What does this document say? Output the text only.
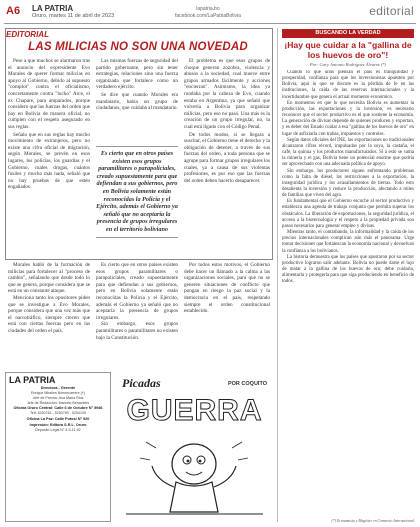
A6 LA PATRIA
Oruro, martes 11 de abril de 2023
lapatria.bo
facebook.com/LaPatriaBolivia	editorial
EDITORIAL
LAS MILICIAS NO SON UNA NOVEDAD

Pese a que muchos se alarmaron tras el anuncio del expresidente Evo Morales de querer formar milicias en apoyo al Gobierno, debido al supuesto "complot" contra el oficialismo, concretamente contra "lucho" Arce, el ex Chapare, para amparados, porque considero que las fuerzas del orden que hay en Bolivia de manera oficial, no cumplen con el respeto asegurado en sus reglas.

Señalo que en sus reglas hay mucho movimiento de extranjeros, pero no existe una cifra oficial de migración, según Morales, se prevén en esos lugares, los policías, los guardias y el Gobierno, cuales drogas, cuántos fusiles y mucho más nada, señaló que no hay pruebas de que estén engañados.

Las mismas fuerzas de seguridad del partido gobernante, pero sin tener estrategias, relaciones sino una fuerza organizada que fortalece como un verdadero ejército.

Se dice que cuando Morales era mandatario, había un grupo de ciudadanos, que cuidaba al mandatario.

Es cierto que en otros países existen esos grupos paramilitares o parapoliciales, creado supuestamente para que defiendan a sus gobiernos, pero en Bolivia solamente están reconocidas la Policía y el Ejército, además el Gobierno ya señaló que no aceptaría la presencia de grupos irregulares en el territorio boliviano

El problema es que esos grupos de choque generan zozobra, violencia y abusos a la sociedad, cual mueve entre grupos armados fácilmente y acciones "encierran". Asimismo, la idea ya rondaba por la cabeza de Evo, cuando estaba en Argentina, ya que señaló que volvería a Bolivia para organizar milicias, pero eso no pasó. Una más es la creación de un grupo irregular, no, la cual está ligado con el Código Penal.

De todos modos, si se llegara a suscitar, el Gobierno tiene el derecho y la obligación de detener, a través de sus fuerzas del orden, a toda persona que se agrupe para formar grupos irregulares los cuales, ya a causa de sus violentas profesiones, es por eso que las fuerzas del orden deben hacerlo desaparecer.

Morales habló de la formación de milicias para fortalecer al "proceso de cambio", señalando que desde todo lo que se genera, porque considera que se está en un constante ataque.

Menciona tanto los opositores piden que se investigue a Evo Morales, porque considera que una vez más que el narcotráfico, siempre crecen que está con ciertas fuerzas pero en las ciudades del orden el país.

Es cierto que en otros países existen esos grupos paramilitares o parapoliciales, creado supuestamente para que defiendan a sus gobiernos, pero en Bolivia solamente están reconocidas la Policía y el Ejército, además el Gobierno ya señaló que no aceptaría la presencia de grupos irregulares.

Sin embargo, esos grupos paramilitares o paramilitares no existen bajo la Constitución.

Por todos estos motivos, el Gobierno debe hacer un llamado a la calma a las organizaciones sociales, para que no se generen situaciones de conflicto que pongan en riesgo la paz social y la democracia en el país, respetando siempre el orden constitucional establecido.

BUSCANDO LA VERDAD
¡Hay que cuidar a la "gallina de los huevos de oro"!
Por: Gary Antonio Rodríguez Álvarez (*)

Cuando lo que unos piensan el país es tranquilidad y prosperidad, confianza para que los inversionistas apuesten por Bolivia, aquí lo que se discute es la pérdida de fe en las instituciones, la caída de las reservas internacionales y la incertidumbre que genera el actual momento económico.

En momentos en que lo que necesita Bolivia es aumentar la producción, las exportaciones y la inversión, es necesario reconocer que el sector productivo es el que sostiene la economía. La generación de divisas depende de quienes producen y exportan, y es deber del Estado cuidar a esa "gallina de los huevos de oro" en lugar de asfixiarla con trabas, impuestos y controles.

Según datos oficiales del INE, las exportaciones no tradicionales alcanzaron cifras récord, impulsadas por la soya, la castaña, el café, la quinua y los productos manufacturados. Si a esto se suma la minería y el gas, Bolivia tiene un potencial enorme que podría ser aprovechado con una adecuada política de apoyo.

Sin embargo, los productores siguen enfrentando problemas como la falta de diésel, las restricciones a la exportación, la inseguridad jurídica y los avasallamientos de tierras. Todo esto desalienta la inversión y reduce la producción, afectando a miles de familias que viven del agro.

Es fundamental que el Gobierno escuche al sector productivo y establezca una agenda de trabajo conjunta que permita superar los obstáculos. La liberación de exportaciones, la seguridad jurídica, el acceso a la biotecnología y el respeto a la propiedad privada son pasos necesarios para generar empleo y divisas.

Mientras tanto, el contrabando, la informalidad y la caída de los precios internacionales complican aún más el panorama. Urge tomar decisiones que fortalezcan la economía nacional y devuelvan la confianza a los bolivianos.

La historia demuestra que los países que apostaron por su sector productivo lograron salir adelante. Bolivia no puede darse el lujo de matar a la gallina de los huevos de oro; debe cuidarla, alimentarla y protegerla para que siga produciendo en beneficio de todos.

(*) Economista y Magíster en Comercio Internacional
LA PATRIA
Directora - Gerente
Enrique Miralles Bonnecarrère (†)
Jefe de Prensa: Ana María Rios
Jefe de Redacción: Marcelo Benavides
Oficina Oruro Central: Calle 6 de Octubre N° 5946
Telf: 5250761 - 5250780 - 5254105
Oficina La Paz: Calle Potosí N° 920
Impresión: Editora S.R.L. Oruro
Deposito Legal N° 4-3-11-92
Picadas	POR COQUITO
GUERRA
